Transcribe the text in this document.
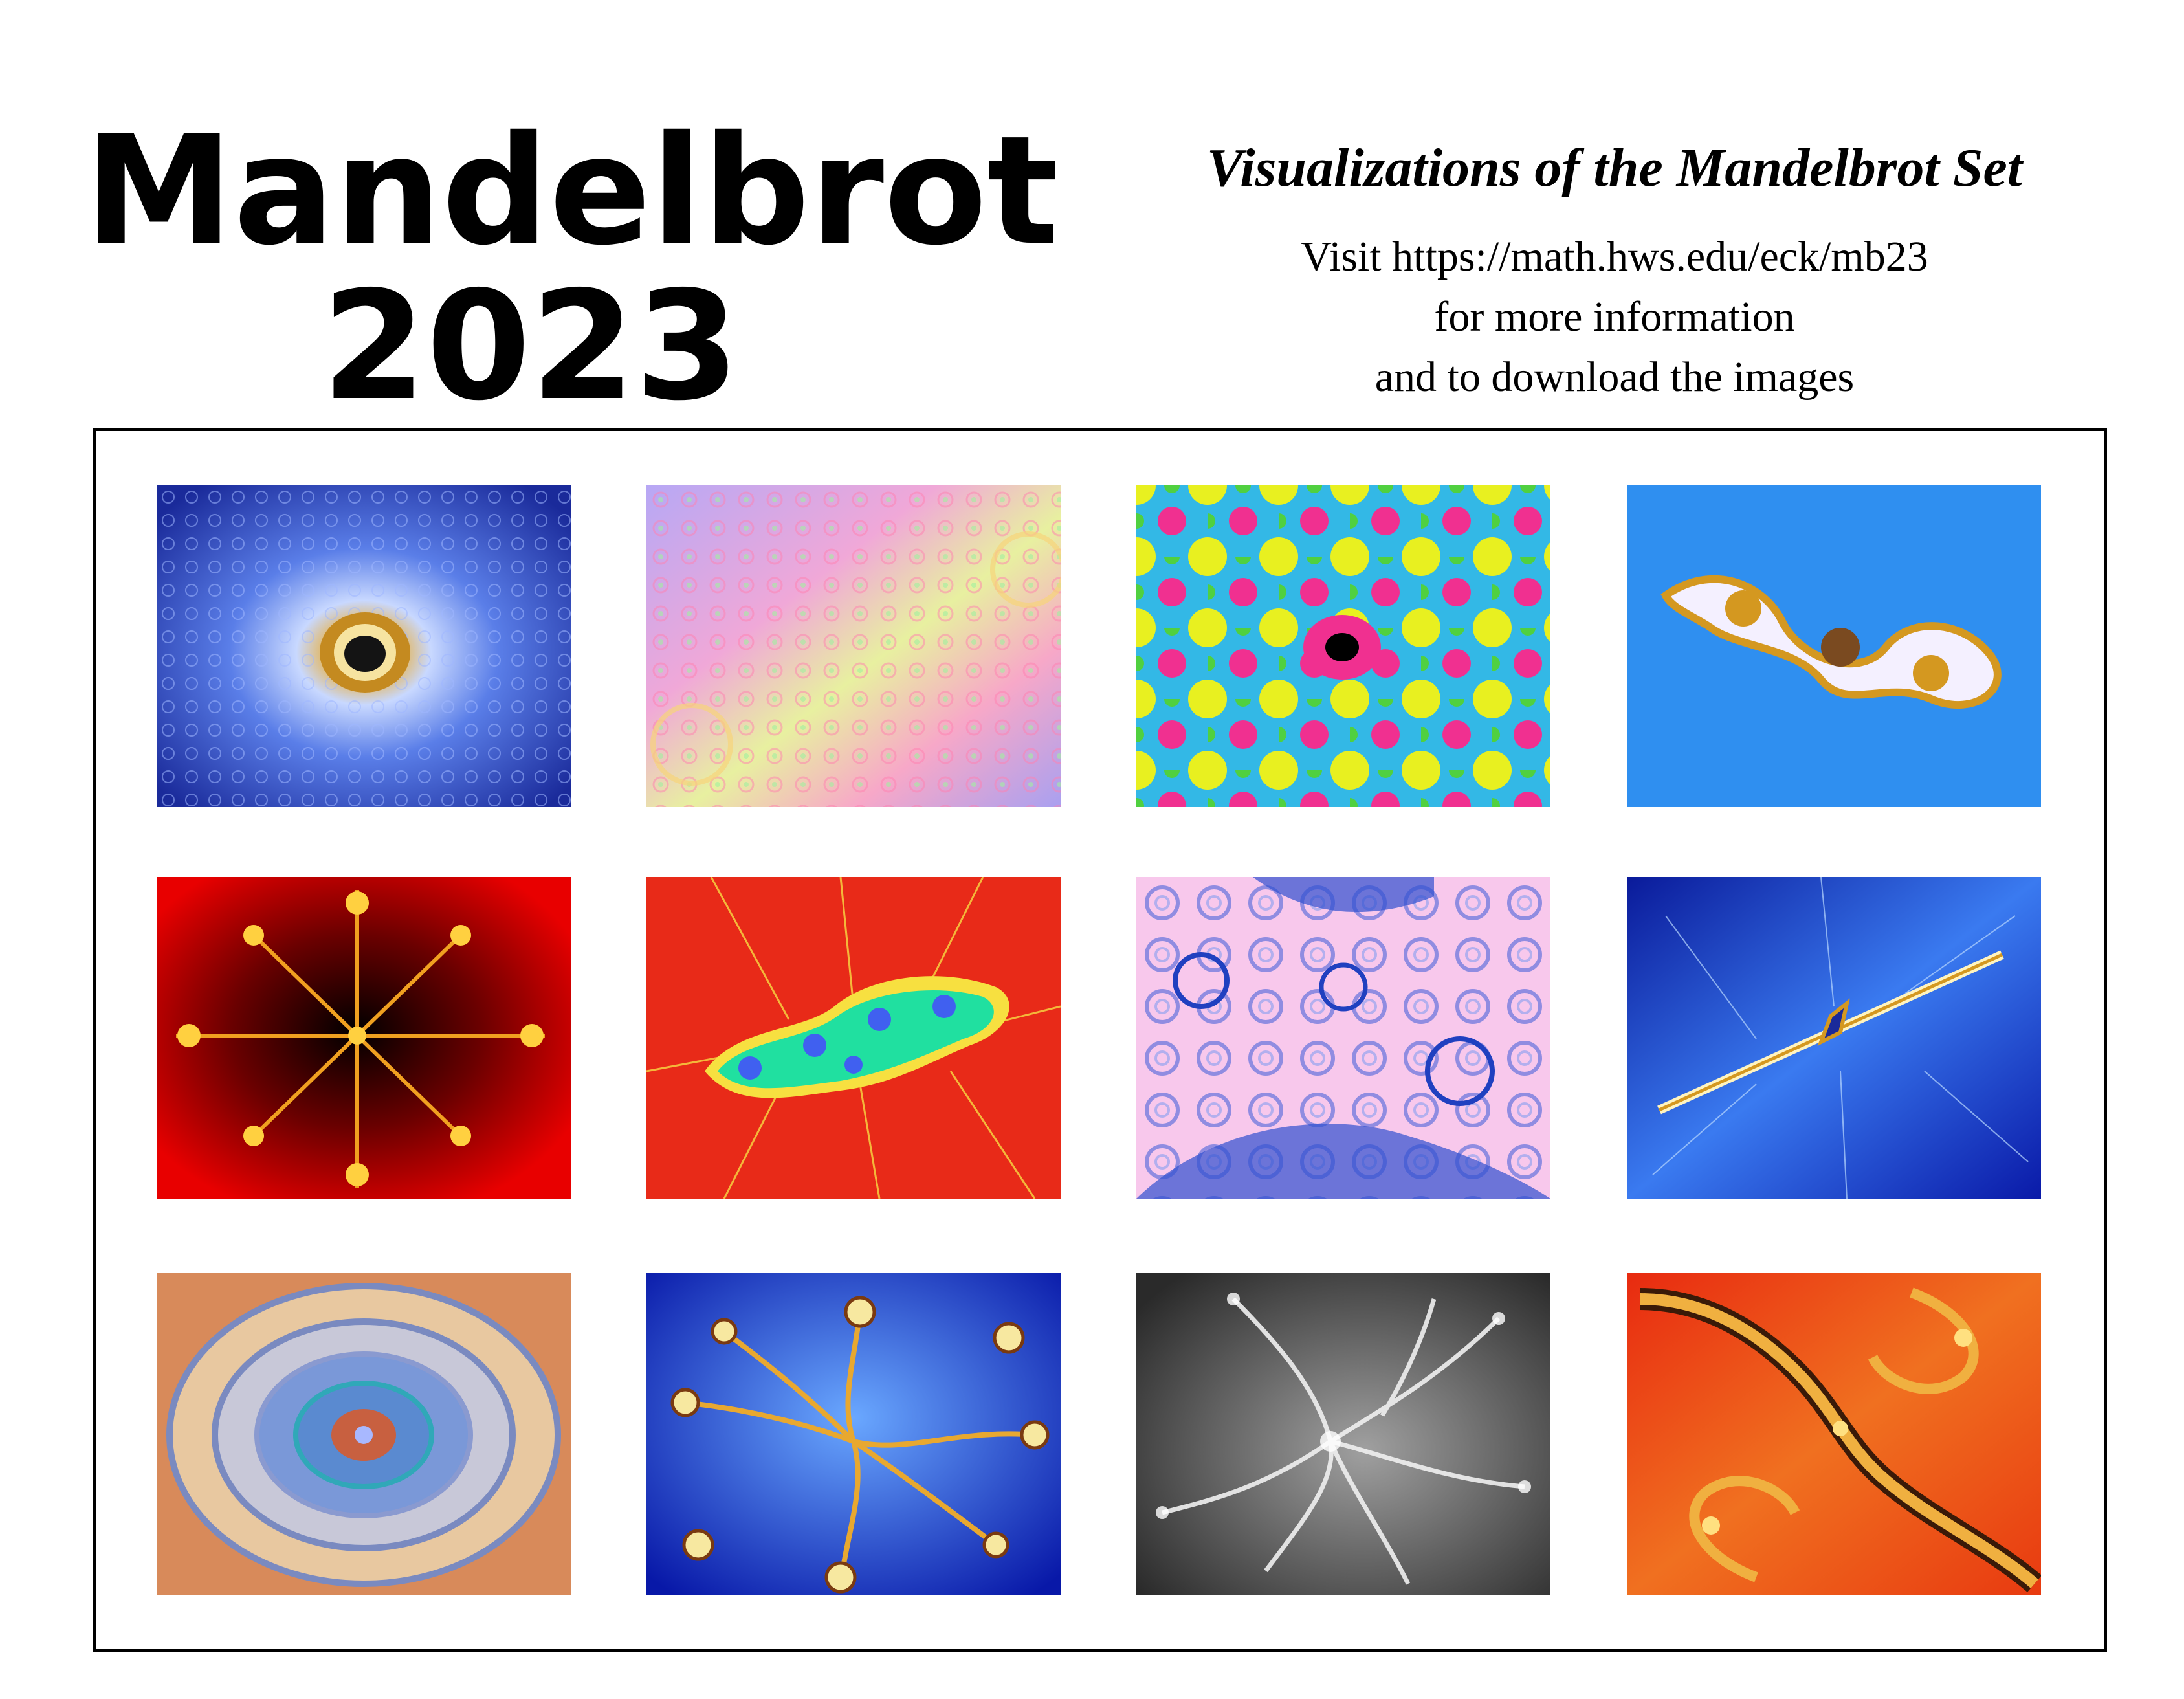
Mandelbrot
2023
Visualizations of the Mandelbrot Set
Visit https://math.hws.edu/eck/mb23
for more information
and to download the images
